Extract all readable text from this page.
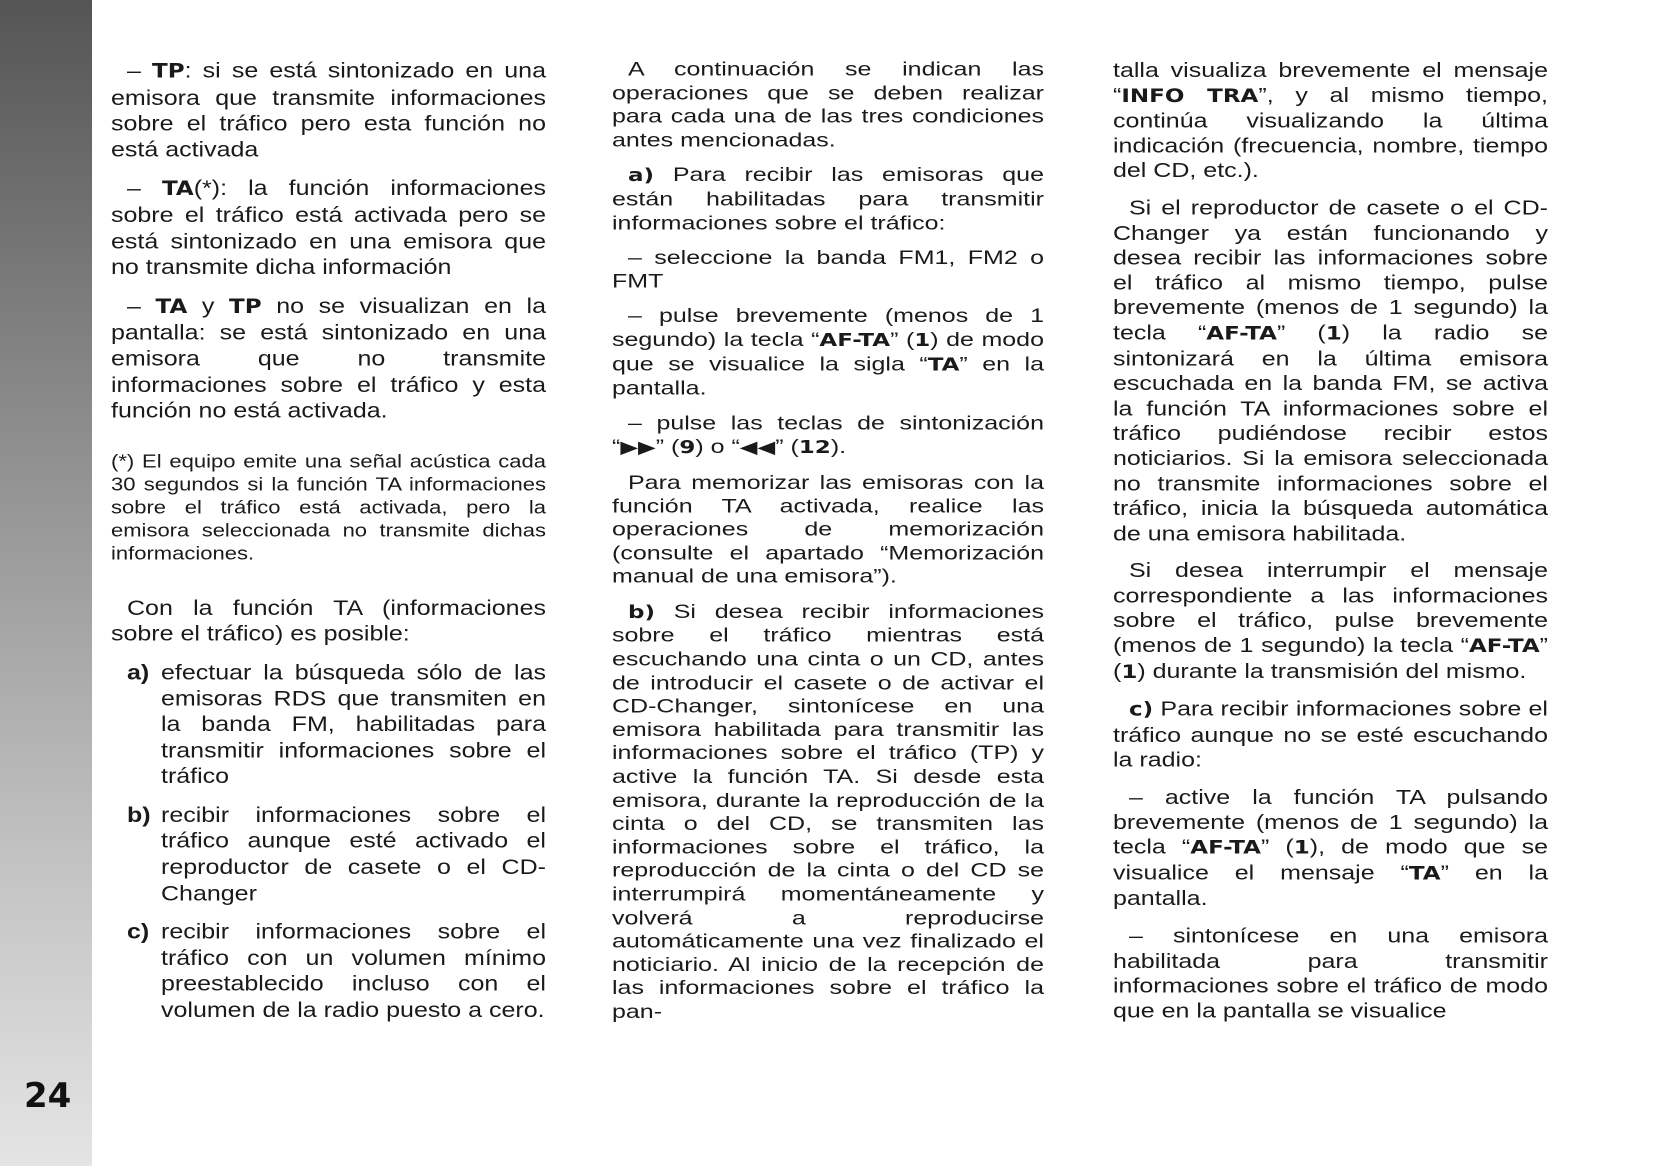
24

– TP: si se está sintonizado en una emisora que transmite informaciones sobre el tráfico pero esta función no está activada

– TA(*): la función informaciones sobre el tráfico está activada pero se está sintonizado en una emisora que no transmite dicha información

– TA y TP no se visualizan en la pantalla: se está sintonizado en una emisora que no transmite informaciones sobre el tráfico y esta función no está activada.

(*) El equipo emite una señal acústica cada 30 segundos si la función TA informaciones sobre el tráfico está activada, pero la emisora seleccionada no transmite dichas informaciones.

Con la función TA (informaciones sobre el tráfico) es posible:

a) efectuar la búsqueda sólo de las emisoras RDS que transmiten en la banda FM, habilitadas para transmitir informaciones sobre el tráfico

b) recibir informaciones sobre el tráfico aunque esté activado el reproductor de casete o el CD-Changer

c) recibir informaciones sobre el tráfico con un volumen mínimo preestablecido incluso con el volumen de la radio puesto a cero.

A continuación se indican las operaciones que se deben realizar para cada una de las tres condiciones antes mencionadas.

a) Para recibir las emisoras que están habilitadas para transmitir informaciones sobre el tráfico:

– seleccione la banda FM1, FM2 o FMT

– pulse brevemente (menos de 1 segundo) la tecla “AF-TA” (1) de modo que se visualice la sigla “TA” en la pantalla.

– pulse las teclas de sintonización “▶▶” (9) o “◀◀” (12).

Para memorizar las emisoras con la función TA activada, realice las operaciones de memorización (consulte el apartado “Memorización manual de una emisora”).

b) Si desea recibir informaciones sobre el tráfico mientras está escuchando una cinta o un CD, antes de introducir el casete o de activar el CD-Changer, sintonícese en una emisora habilitada para transmitir las informaciones sobre el tráfico (TP) y active la función TA. Si desde esta emisora, durante la reproducción de la cinta o del CD, se transmiten las informaciones sobre el tráfico, la reproducción de la cinta o del CD se interrumpirá momentáneamente y volverá a reproducirse automáticamente una vez finalizado el noticiario. Al inicio de la recepción de las informaciones sobre el tráfico la pan-

talla visualiza brevemente el mensaje “INFO TRA”, y al mismo tiempo, continúa visualizando la última indicación (frecuencia, nombre, tiempo del CD, etc.).

Si el reproductor de casete o el CD-Changer ya están funcionando y desea recibir las informaciones sobre el tráfico al mismo tiempo, pulse brevemente (menos de 1 segundo) la tecla “AF-TA” (1) la radio se sintonizará en la última emisora escuchada en la banda FM, se activa la función TA informaciones sobre el tráfico pudiéndose recibir estos noticiarios. Si la emisora seleccionada no transmite informaciones sobre el tráfico, inicia la búsqueda automática de una emisora habilitada.

Si desea interrumpir el mensaje correspondiente a las informaciones sobre el tráfico, pulse brevemente (menos de 1 segundo) la tecla “AF-TA” (1) durante la transmisión del mismo.

c) Para recibir informaciones sobre el tráfico aunque no se esté escuchando la radio:

– active la función TA pulsando brevemente (menos de 1 segundo) la tecla “AF-TA” (1), de modo que se visualice el mensaje “TA” en la pantalla.

– sintonícese en una emisora habilitada para transmitir informaciones sobre el tráfico de modo que en la pantalla se visualice
